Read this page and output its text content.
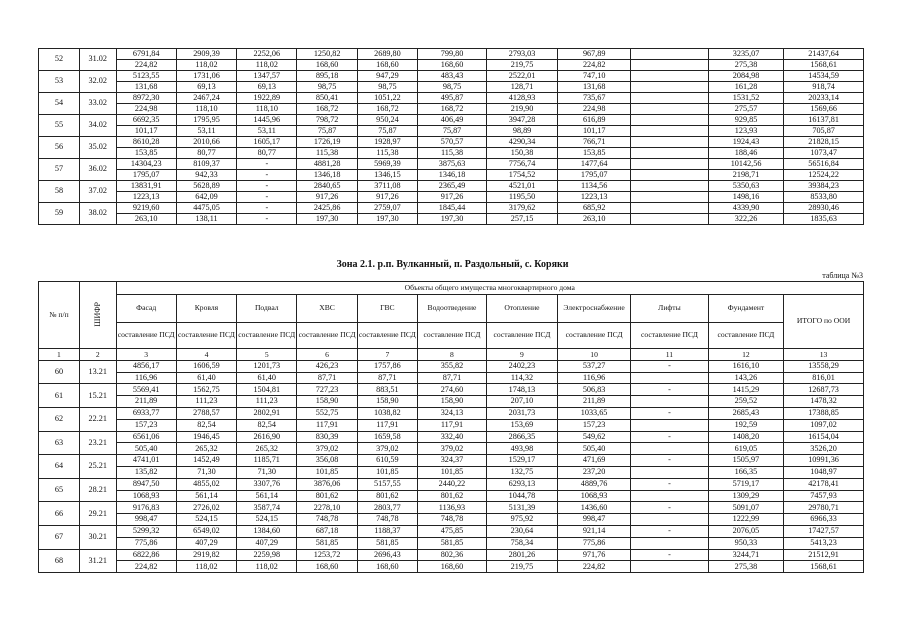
52	31.02	6791,84	2909,39	2252,06	1250,82	2689,80	799,80	2793,03	967,89		3235,07	21437,64
		224,82	118,02	118,02	168,60	168,60	168,60	219,75	224,82		275,38	1568,61
53	32.02	5123,55	1731,06	1347,57	895,18	947,29	483,43	2522,01	747,10		2084,98	14534,59
		131,68	69,13	69,13	98,75	98,75	98,75	128,71	131,68		161,28	918,74
54	33.02	8972,30	2467,24	1922,89	850,41	1051,22	495,87	4128,93	735,67		1531,52	20233,14
		224,98	118,10	118,10	168,72	168,72	168,72	219,90	224,98		275,57	1569,66
55	34.02	6692,35	1795,95	1445,96	798,72	950,24	406,49	3947,28	616,89		929,85	16137,81
		101,17	53,11	53,11	75,87	75,87	75,87	98,89	101,17		123,93	705,87
56	35.02	8610,28	2010,66	1605,17	1726,19	1928,97	570,57	4290,34	766,71		1924,43	21828,15
		153,85	80,77	80,77	115,38	115,38	115,38	150,38	153,85		188,46	1073,47
57	36.02	14304,23	8109,37	-	4881,28	5969,39	3875,63	7756,74	1477,64		10142,56	56516,84
		1795,07	942,33	-	1346,18	1346,15	1346,18	1754,52	1795,07		2198,71	12524,22
58	37.02	13831,91	5628,89	-	2840,65	3711,08	2365,49	4521,01	1134,56		5350,63	39384,23
		1223,13	642,09	-	917,26	917,26	917,26	1195,50	1223,13		1498,16	8533,80
59	38.02	9219,60	4475,05	-	2425,86	2759,07	1845,44	3179,62	685,92		4339,90	28930,46
		263,10	138,11	-	197,30	197,30	197,30	257,15	263,10		322,26	1835,63
Зона 2.1. р.п. Вулканный, п. Раздольный, с. Коряки
таблица №3
№ п/п	ШИФР	Объекты общего имущества многоквартирного дома										
		Фасад	Кровля	Подвал	ХВС	ГВС	Водоотведение	Отопление	Электроснабжение	Лифты	Фундамент	ИТОГО по ООИ
		составление ПСД	составление ПСД	составление ПСД	составление ПСД	составление ПСД	составление ПСД	составление ПСД	составление ПСД	составление ПСД	составление ПСД	
1	2	3	4	5	6	7	8	9	10	11	12	13
60	13.21	4856,17	1606,59	1201,73	426,23	1757,86	355,82	2402,23	537,27	-	1616,10	13558,29
		116,96	61,40	61,40	87,71	87,71	87,71	114,32	116,96		143,26	816,01
61	15.21	5569,41	1562,75	1504,81	727,23	883,51	274,60	1748,13	506,83	-	1415,29	12687,73
		211,89	111,23	111,23	158,90	158,90	158,90	207,10	211,89		259,52	1478,32
62	22.21	6933,77	2788,57	2802,91	552,75	1038,82	324,13	2031,73	1033,65	-	2685,43	17388,85
		157,23	82,54	82,54	117,91	117,91	117,91	153,69	157,23		192,59	1097,02
63	23.21	6561,06	1946,45	2616,90	830,39	1659,58	332,40	2866,35	549,62	-	1408,20	16154,04
		505,40	265,32	265,32	379,02	379,02	379,02	493,98	505,40		619,05	3526,20
64	25.21	4741,01	1452,49	1185,71	356,08	610,59	324,37	1529,17	471,69	-	1505,97	10991,36
		135,82	71,30	71,30	101,85	101,85	101,85	132,75	237,20		166,35	1048,97
65	28.21	8947,50	4855,02	3307,76	3876,06	5157,55	2440,22	6293,13	4889,76	-	5719,17	42178,41
		1068,93	561,14	561,14	801,62	801,62	801,62	1044,78	1068,93		1309,29	7457,93
66	29.21	9176,83	2726,02	3587,74	2278,10	2803,77	1136,93	5131,39	1436,60	-	5091,07	29780,71
		998,47	524,15	524,15	748,78	748,78	748,78	975,92	998,47		1222,99	6966,33
67	30.21	5299,32	6549,02	1384,60	687,18	1188,37	475,85	230,64	921,14	-	2076,05	17427,57
		775,86	407,29	407,29	581,85	581,85	581,85	758,34	775,86		950,33	5413,23
68	31.21	6822,86	2919,82	2259,98	1253,72	2696,43	802,36	2801,26	971,76	-	3244,71	21512,91
		224,82	118,02	118,02	168,60	168,60	168,60	219,75	224,82		275,38	1568,61
